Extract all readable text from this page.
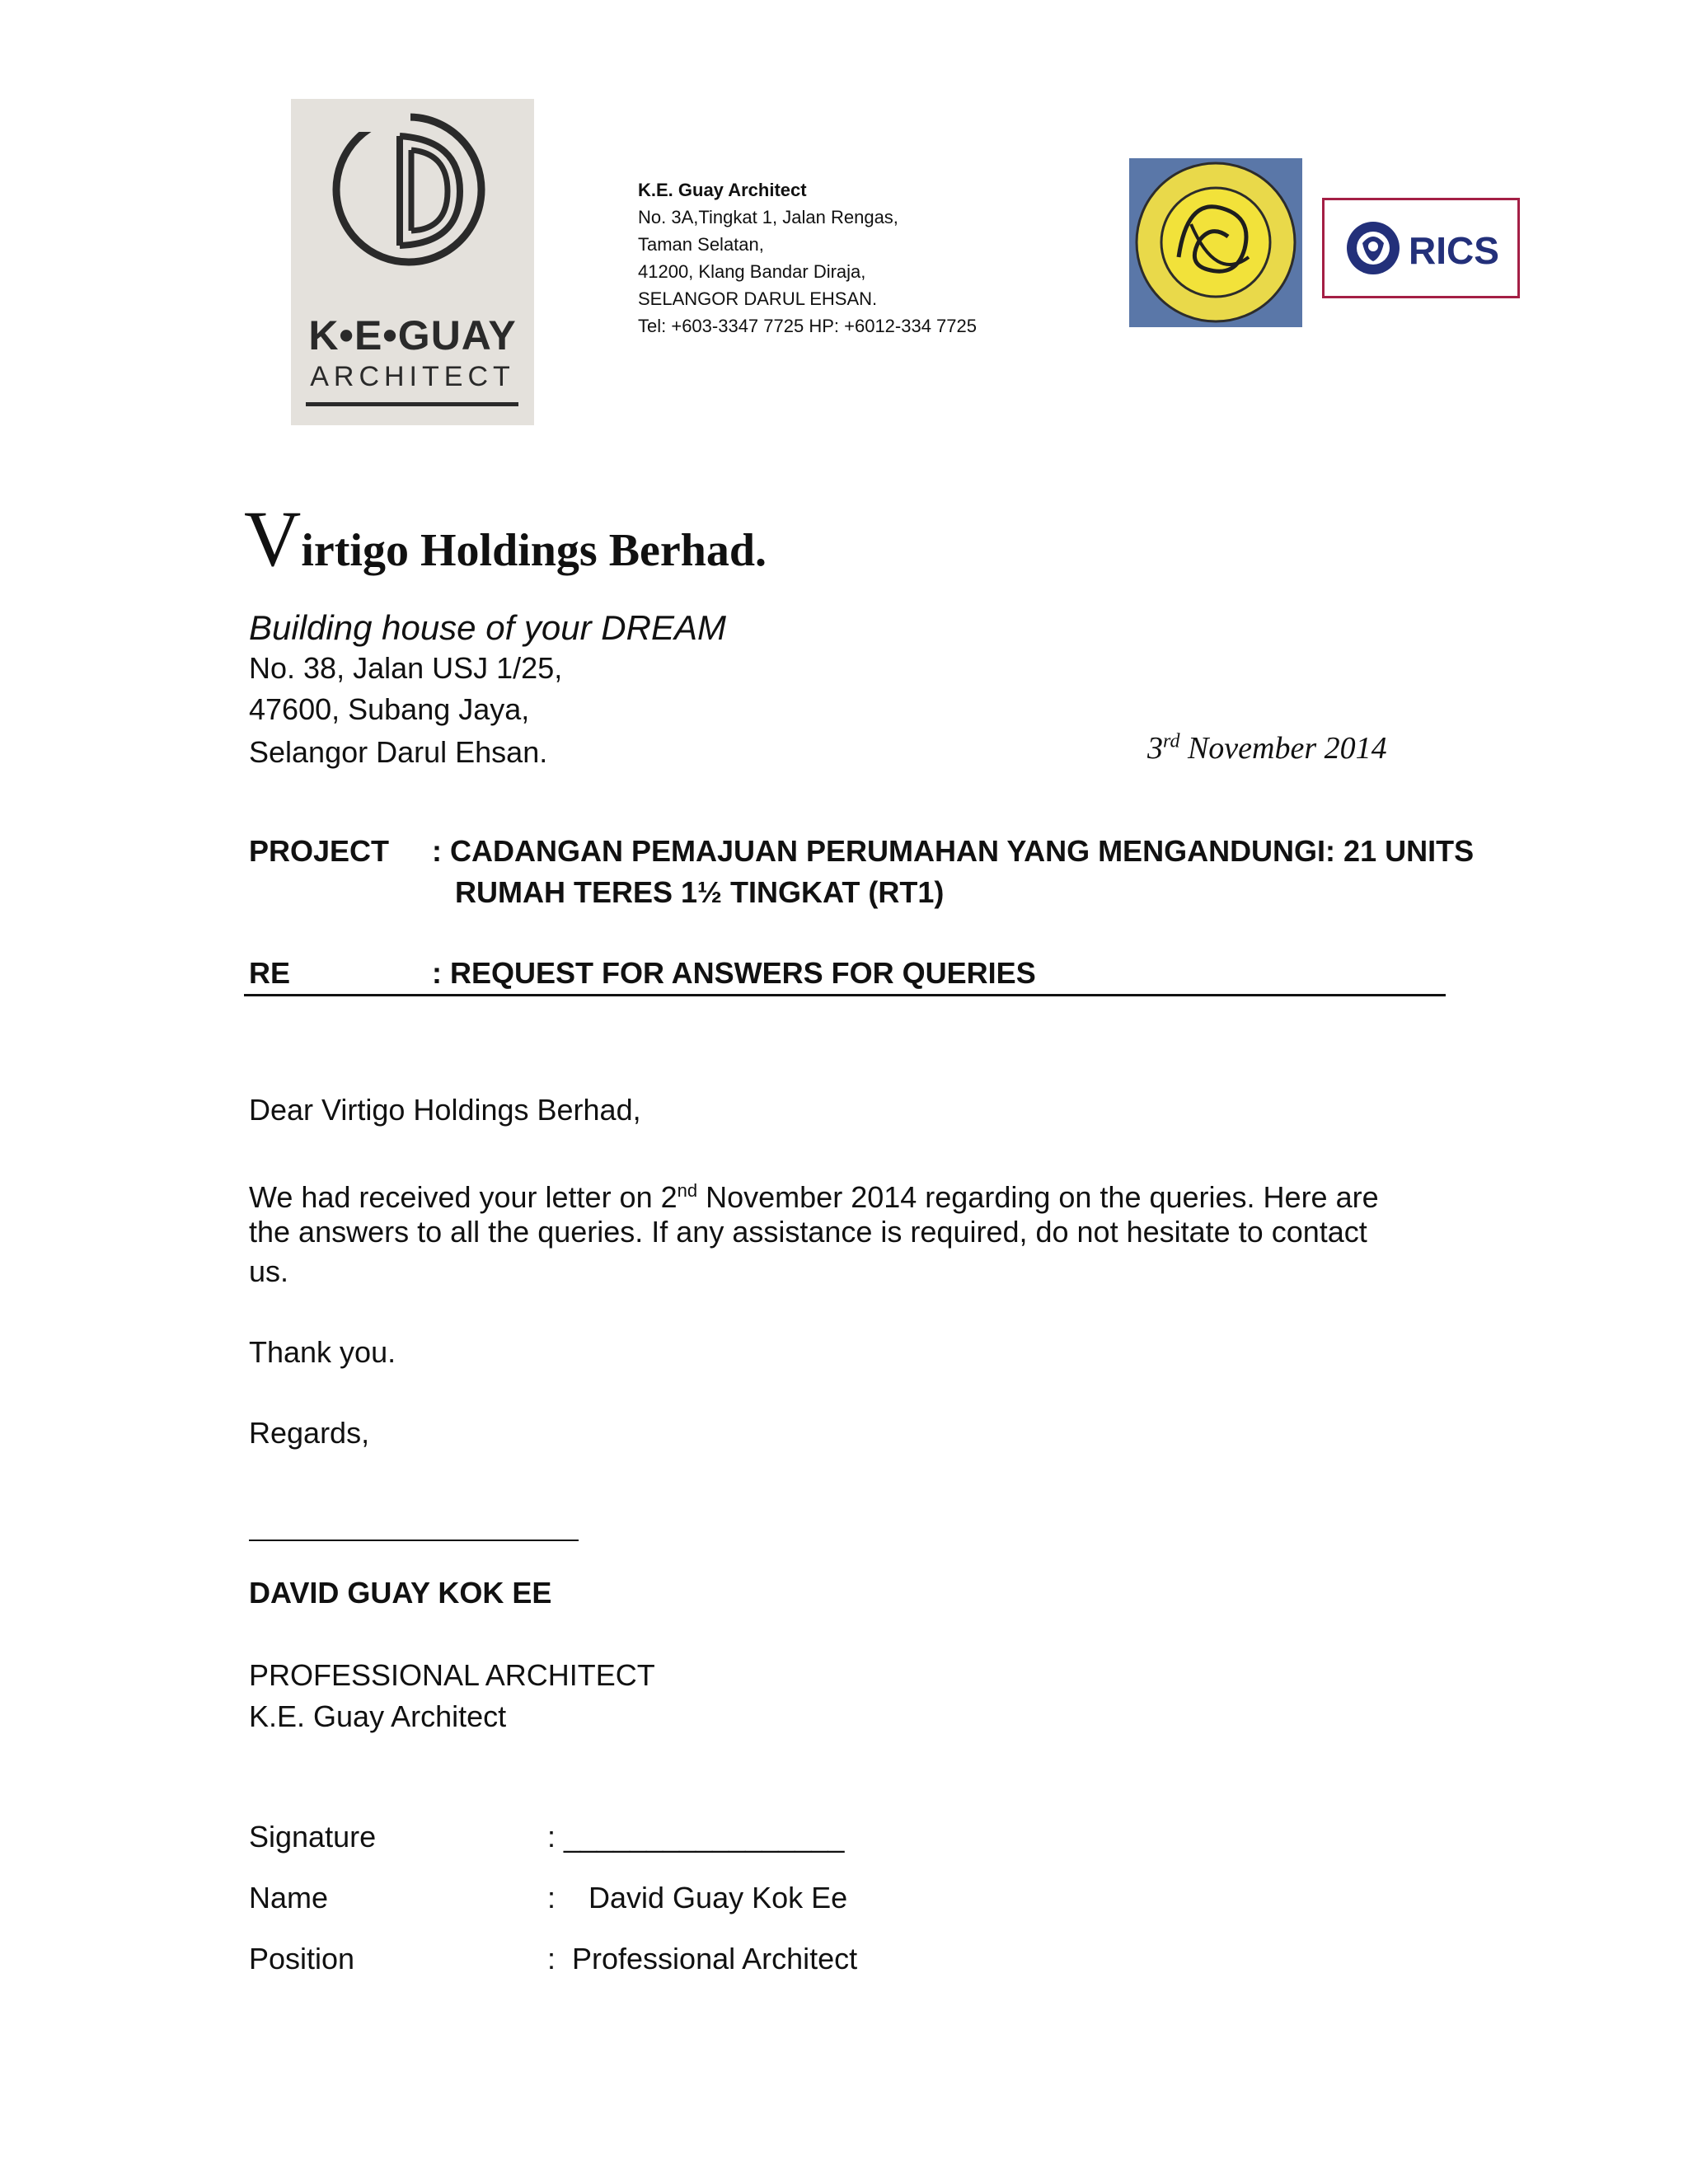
K•E•GUAY
ARCHITECT
K.E. Guay Architect
No. 3A,Tingkat 1, Jalan Rengas,
Taman Selatan,
41200, Klang Bandar Diraja,
SELANGOR DARUL EHSAN.
Tel: +603-3347 7725 HP: +6012-334 7725
RICS
Virtigo Holdings Berhad.
Building house of your DREAM
No. 38, Jalan USJ 1/25,
47600, Subang Jaya,
Selangor Darul Ehsan.	3rd November 2014
PROJECT : CADANGAN PEMAJUAN PERUMAHAN YANG MENGANDUNGI: 21 UNITS
RUMAH TERES 1½ TINGKAT (RT1)
RE	: REQUEST FOR ANSWERS FOR QUERIES
Dear Virtigo Holdings Berhad,
We had received your letter on 2nd November 2014 regarding on the queries. Here are
the answers to all the queries. If any assistance is required, do not hesitate to contact
us.
Thank you.
Regards,
DAVID GUAY KOK EE
PROFESSIONAL ARCHITECT
K.E. Guay Architect
Signature	: _________________
Name	:    David Guay Kok Ee
Position	:  Professional Architect
